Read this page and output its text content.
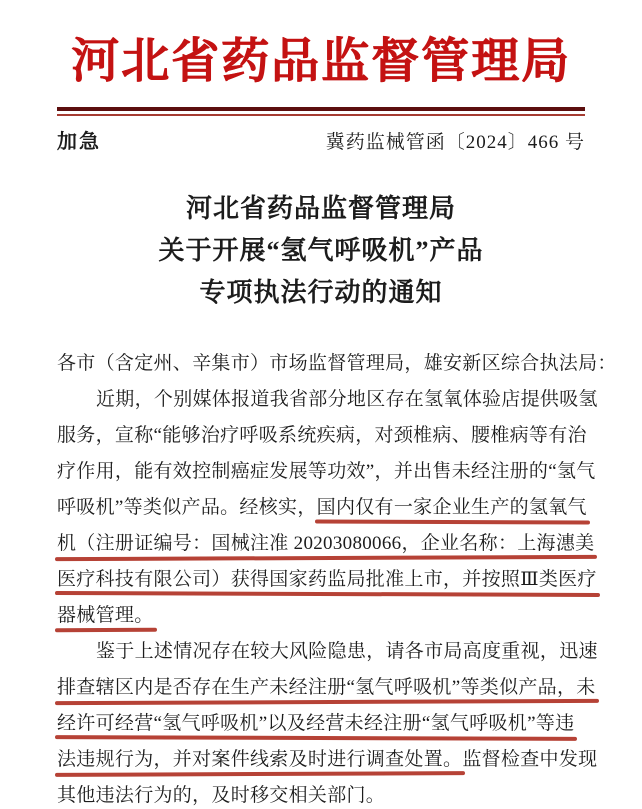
河北省药品监督管理局
加急	冀药监械管函〔2024〕466 号
河北省药品监督管理局
关于开展“氢气呼吸机”产品
专项执法行动的通知
各市（含定州、辛集市）市场监督管理局，雄安新区综合执法局：
近期，个别媒体报道我省部分地区存在氢氧体验店提供吸氢
服务，宣称“能够治疗呼吸系统疾病，对颈椎病、腰椎病等有治
疗作用，能有效控制癌症发展等功效”，并出售未经注册的“氢气
呼吸机”等类似产品。经核实，国内仅有一家企业生产的氢氧气
机（注册证编号：国械注准 20203080066，企业名称：上海潓美
医疗科技有限公司）获得国家药监局批准上市，并按照Ⅲ类医疗
器械管理。
鉴于上述情况存在较大风险隐患，请各市局高度重视，迅速
排查辖区内是否存在生产未经注册“氢气呼吸机”等类似产品，未
经许可经营“氢气呼吸机”以及经营未经注册“氢气呼吸机”等违
法违规行为，并对案件线索及时进行调查处置。监督检查中发现
其他违法行为的，及时移交相关部门。
